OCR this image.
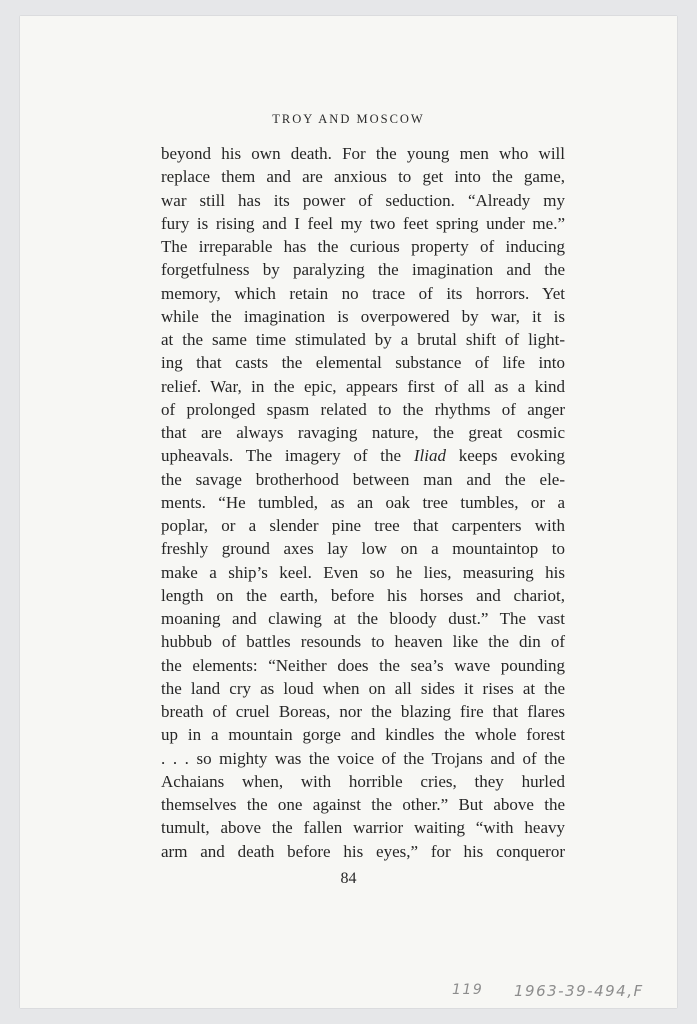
TROY AND MOSCOW
beyond his own death. For the young men who will
replace them and are anxious to get into the game,
war still has its power of seduction. “Already my
fury is rising and I feel my two feet spring under me.”
The irreparable has the curious property of inducing
forgetfulness by paralyzing the imagination and the
memory, which retain no trace of its horrors. Yet
while the imagination is overpowered by war, it is
at the same time stimulated by a brutal shift of light-
ing that casts the elemental substance of life into
relief. War, in the epic, appears first of all as a kind
of prolonged spasm related to the rhythms of anger
that are always ravaging nature, the great cosmic
upheavals. The imagery of the Iliad keeps evoking
the savage brotherhood between man and the ele-
ments. “He tumbled, as an oak tree tumbles, or a
poplar, or a slender pine tree that carpenters with
freshly ground axes lay low on a mountaintop to
make a ship’s keel. Even so he lies, measuring his
length on the earth, before his horses and chariot,
moaning and clawing at the bloody dust.” The vast
hubbub of battles resounds to heaven like the din of
the elements: “Neither does the sea’s wave pounding
the land cry as loud when on all sides it rises at the
breath of cruel Boreas, nor the blazing fire that flares
up in a mountain gorge and kindles the whole forest
. . . so mighty was the voice of the Trojans and of the
Achaians when, with horrible cries, they hurled
themselves the one against the other.” But above the
tumult, above the fallen warrior waiting “with heavy
arm and death before his eyes,” for his conqueror
84
119 1963-39-494,F
